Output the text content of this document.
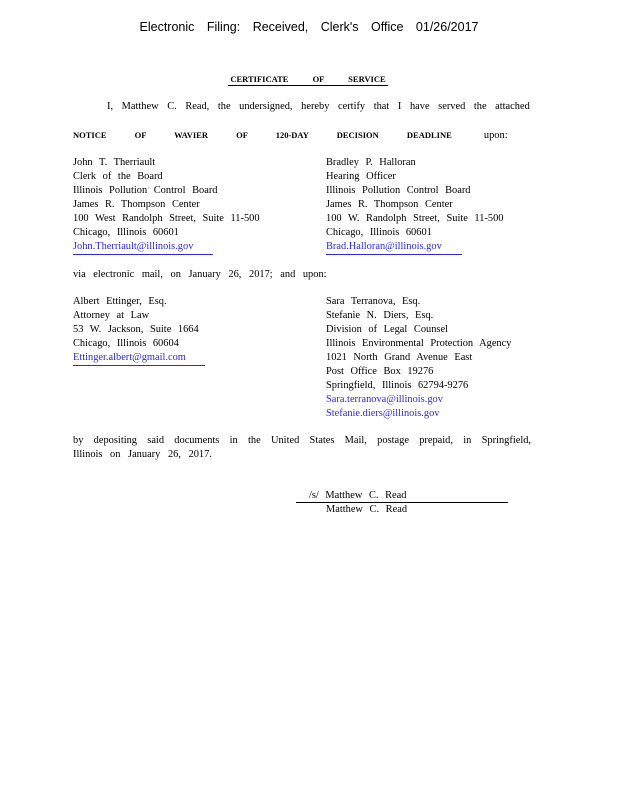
Electronic Filing: Received, Clerk's Office 01/26/2017
CERTIFICATE OF SERVICE
I, Matthew C. Read, the undersigned, hereby certify that I have served the attached
NOTICE OF WAVIER OF 120-DAY DECISION DEADLINE	upon:
John T. Therriault
Clerk of the Board
Illinois Pollution Control Board
James R. Thompson Center
100 West Randolph Street, Suite 11-500
Chicago, Illinois 60601
John.Therriault@illinois.gov
Bradley P. Halloran
Hearing Officer
Illinois Pollution Control Board
James R. Thompson Center
100 W. Randolph Street, Suite 11-500
Chicago, Illinois 60601
Brad.Halloran@illinois.gov
via electronic mail, on January 26, 2017; and upon:
Albert Ettinger, Esq.
Attorney at Law
53 W. Jackson, Suite 1664
Chicago, Illinois 60604
Ettinger.albert@gmail.com
Sara Terranova, Esq.
Stefanie N. Diers, Esq.
Division of Legal Counsel
Illinois Environmental Protection Agency
1021 North Grand Avenue East
Post Office Box 19276
Springfield, Illinois 62794-9276
Sara.terranova@illinois.gov
Stefanie.diers@illinois.gov
by depositing said documents in the United States Mail, postage prepaid, in Springfield, Illinois on January 26, 2017.
/s/ Matthew C. Read
Matthew C. Read
